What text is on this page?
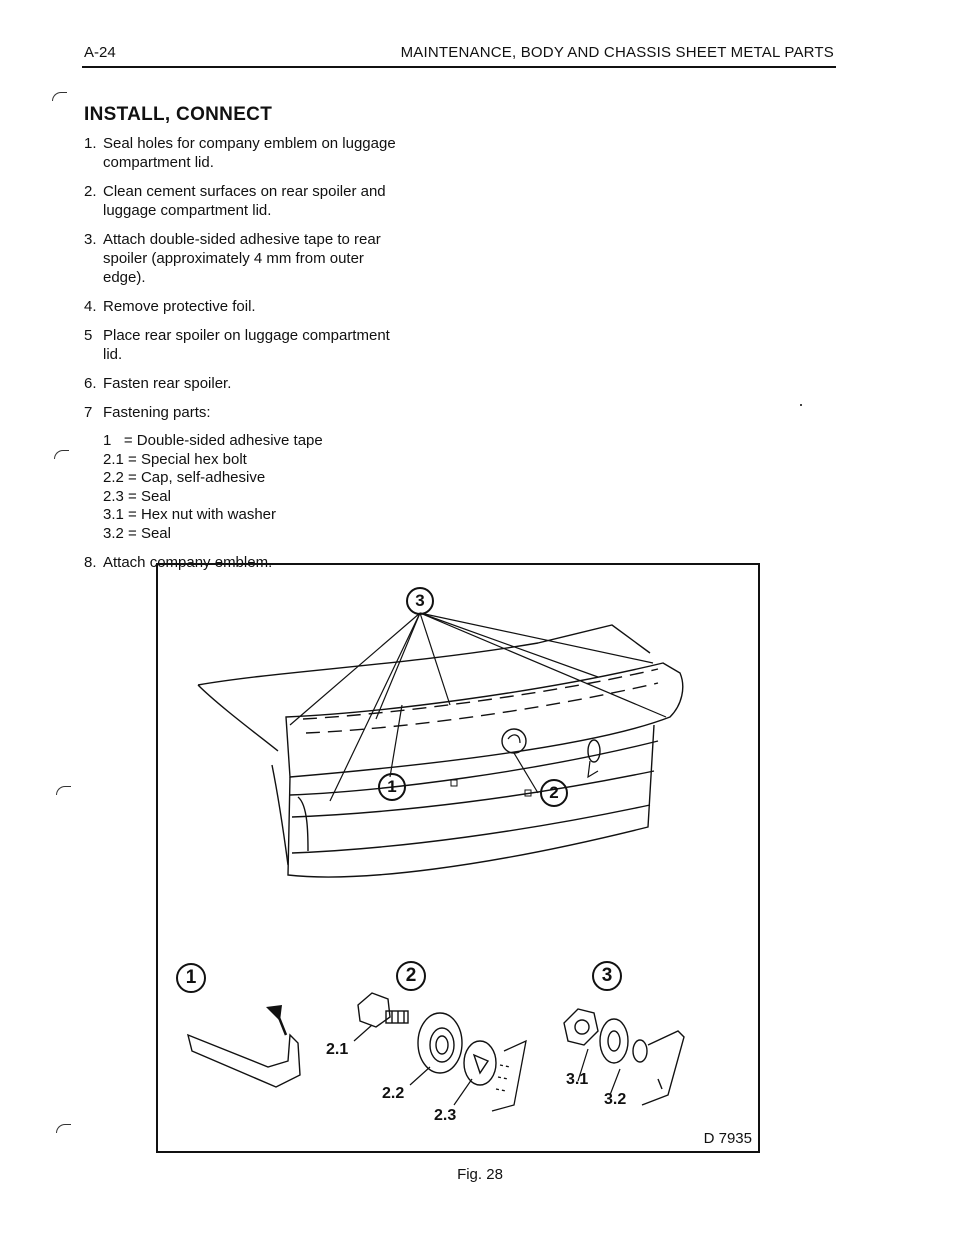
A-24	MAINTENANCE, BODY AND CHASSIS SHEET METAL PARTS
INSTALL, CONNECT
1. Seal holes for company emblem on luggage compartment lid.
2. Clean cement surfaces on rear spoiler and luggage compartment lid.
3. Attach double-sided adhesive tape to rear spoiler (approximately 4 mm from outer edge).
4. Remove protective foil.
5 Place rear spoiler on luggage compartment lid.
6. Fasten rear spoiler.
7 Fastening parts:
1   = Double-sided adhesive tape
2.1 = Special hex bolt
2.2 = Cap, self-adhesive
2.3 = Seal
3.1 = Hex nut with washer
3.2 = Seal
8. Attach company emblem.
3
1	2
1	2	3
2.1
2.2
2.3
3.1
3.2
D 7935
Fig. 28
